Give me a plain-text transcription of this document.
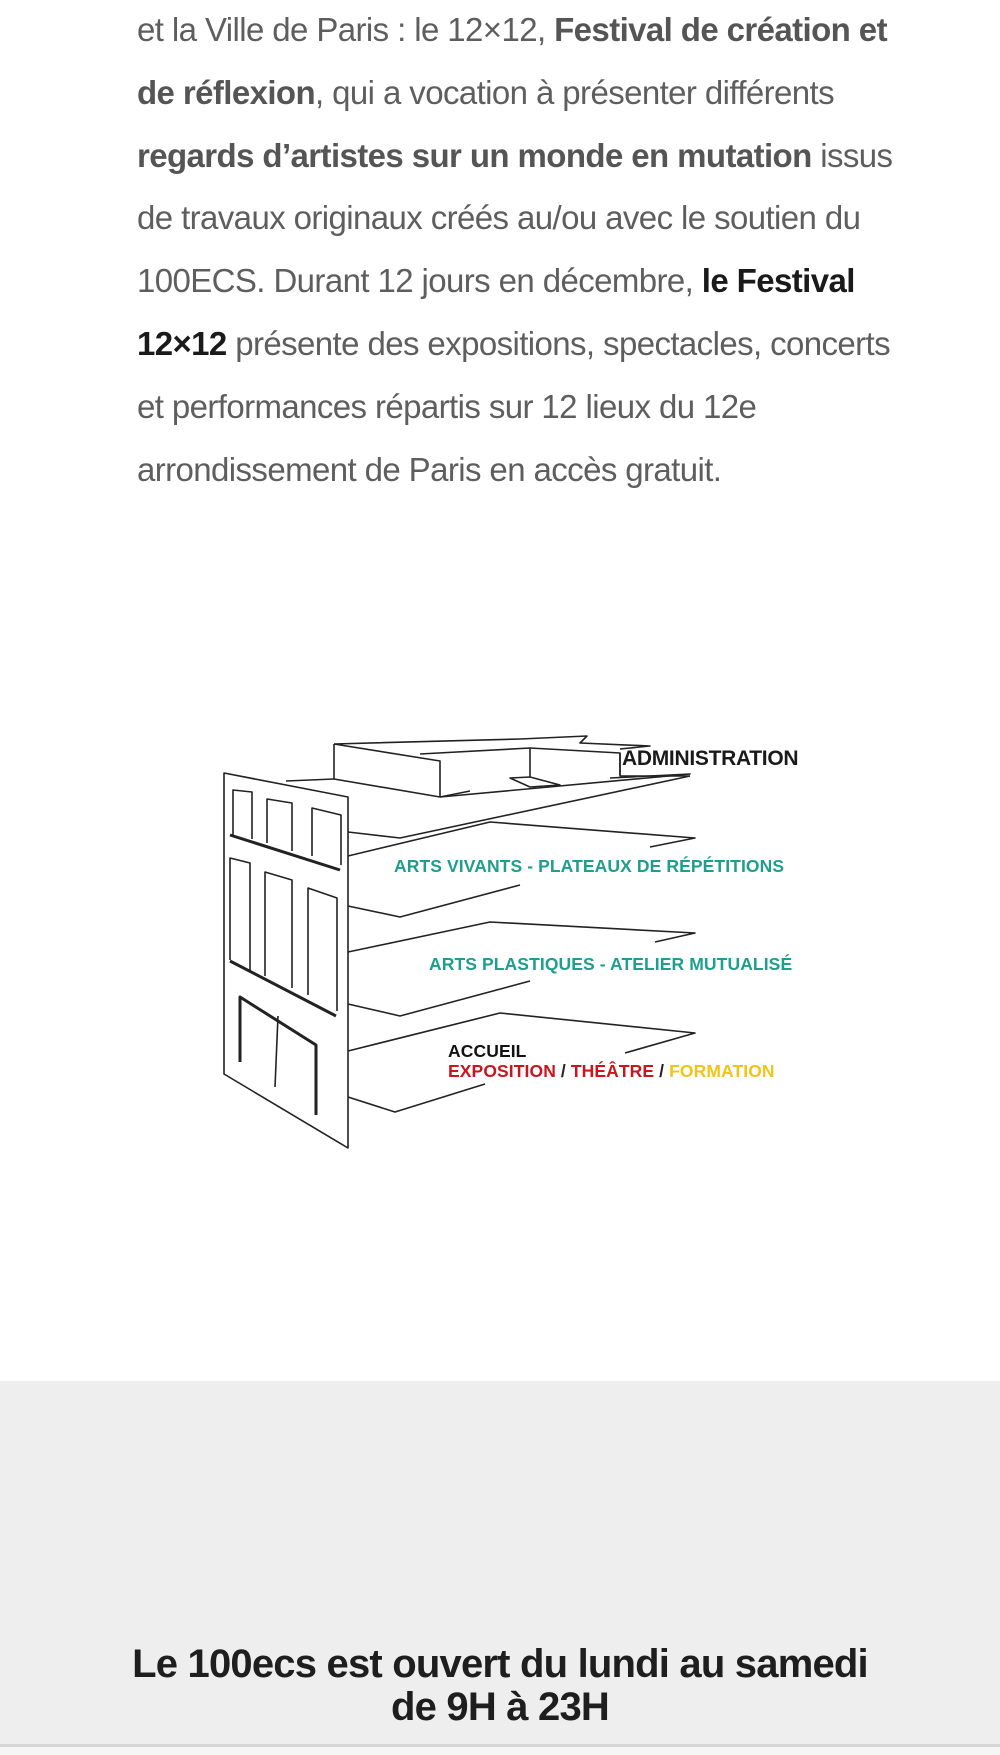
et la Ville de Paris : le 12×12, Festival de création et de réflexion, qui a vocation à présenter différents regards d’artistes sur un monde en mutation issus de travaux originaux créés au/ou avec le soutien du 100ECS. Durant 12 jours en décembre, le Festival 12×12 présente des expositions, spectacles, concerts et performances répartis sur 12 lieux du 12e arrondissement de Paris en accès gratuit.

ADMINISTRATION
ARTS VIVANTS - PLATEAUX DE RÉPÉTITIONS
ARTS PLASTIQUES - ATELIER MUTUALISÉ
ACCUEIL
EXPOSITION / THÉÂTRE / FORMATION
Le 100ecs est ouvert du lundi au samedi
de 9H à 23H
